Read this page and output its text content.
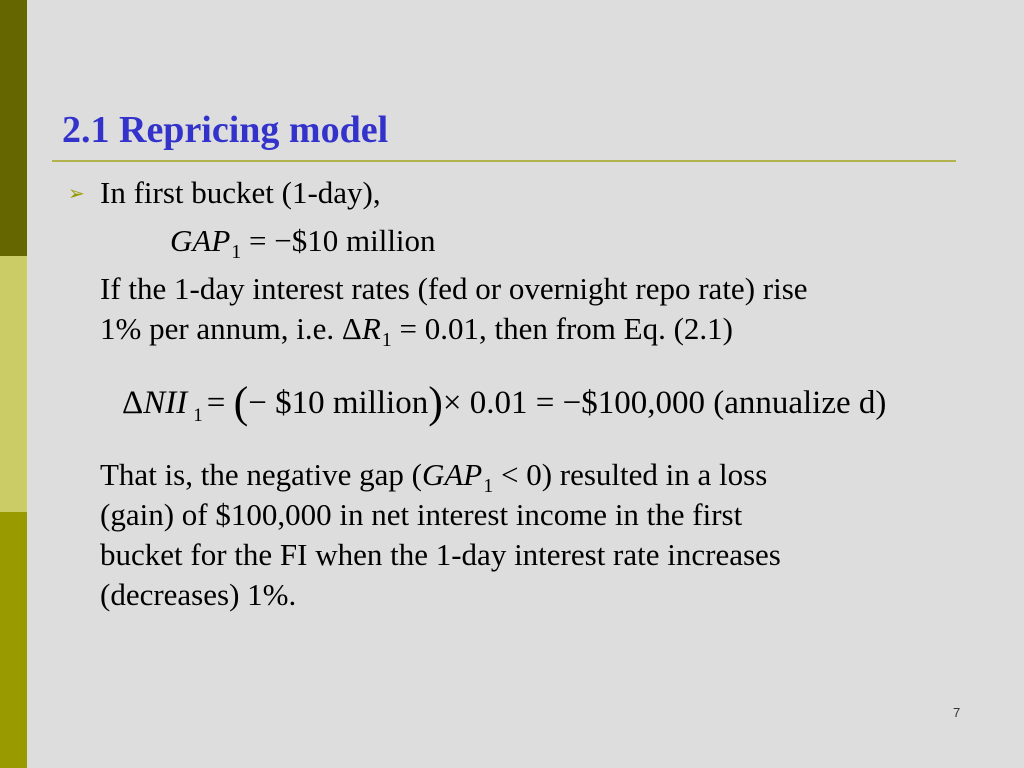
2.1 Repricing model
➢ In first bucket (1-day),
$GAP_1$ = −$10 million
If the 1-day interest rates (fed or overnight repo rate) rise
1% per annum, i.e. $\Delta R_1 = 0.01$, then from Eq. (2.1)
ΔNII $_1$ = (− $10 million)× 0.01 = −$100,000 (annualize d)
That is, the negative gap $(GAP_1 < 0)$ resulted in a loss
(gain) of $100,000 in net interest income in the first
bucket for the FI when the 1-day interest rate increases
(decreases) 1%.
7
